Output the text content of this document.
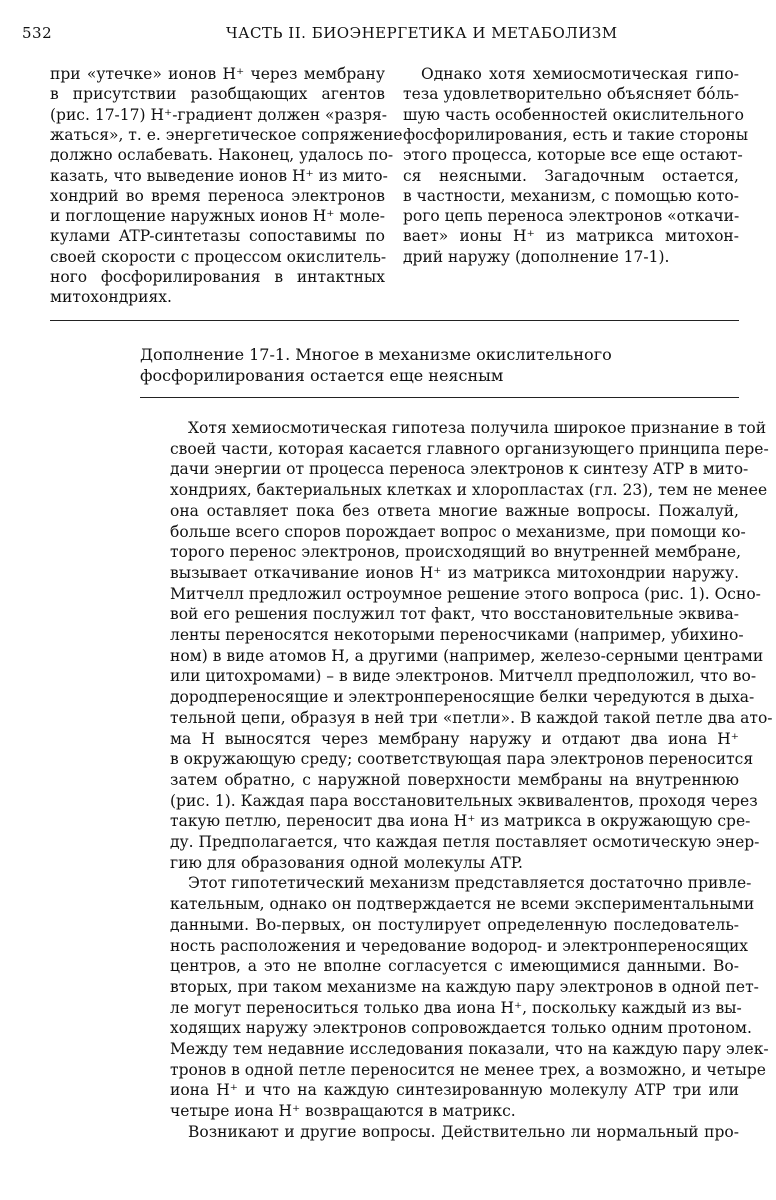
532	ЧАСТЬ II. БИОЭНЕРГЕТИКА И МЕТАБОЛИЗМ
при «утечке» ионов H⁺ через мембрану
в присутствии разобщающих агентов
(рис. 17-17) H⁺-градиент должен «разря-
жаться», т. е. энергетическое сопряжение
должно ослабевать. Наконец, удалось по-
казать, что выведение ионов H⁺ из мито-
хондрий во время переноса электронов
и поглощение наружных ионов H⁺ моле-
кулами ATP-синтетазы сопоставимы по
своей скорости с процессом окислитель-
ного фосфорилирования в интактных
митохондриях.
Однако хотя хемиосмотическая гипо-
теза удовлетворительно объясняет бо́ль-
шую часть особенностей окислительного
фосфорилирования, есть и такие стороны
этого процесса, которые все еще остают-
ся неясными. Загадочным остается,
в частности, механизм, с помощью кото-
рого цепь переноса электронов «откачи-
вает» ионы H⁺ из матрикса митохон-
дрий наружу (дополнение 17-1).
Дополнение 17-1. Многое в механизме окислительного
фосфорилирования остается еще неясным
Хотя хемиосмотическая гипотеза получила широкое признание в той
своей части, которая касается главного организующего принципа пере-
дачи энергии от процесса переноса электронов к синтезу ATP в мито-
хондриях, бактериальных клетках и хлоропластах (гл. 23), тем не менее
она оставляет пока без ответа многие важные вопросы. Пожалуй,
больше всего споров порождает вопрос о механизме, при помощи ко-
торого перенос электронов, происходящий во внутренней мембране,
вызывает откачивание ионов H⁺ из матрикса митохондрии наружу.
Митчелл предложил остроумное решение этого вопроса (рис. 1). Осно-
вой его решения послужил тот факт, что восстановительные эквива-
ленты переносятся некоторыми переносчиками (например, убихино-
ном) в виде атомов H, а другими (например, железо-серными центрами
или цитохромами) – в виде электронов. Митчелл предположил, что во-
дородпереносящие и электронпереносящие белки чередуются в дыха-
тельной цепи, образуя в ней три «петли». В каждой такой петле два ато-
ма H выносятся через мембрану наружу и отдают два иона H⁺
в окружающую среду; соответствующая пара электронов переносится
затем обратно, с наружной поверхности мембраны на внутреннюю
(рис. 1). Каждая пара восстановительных эквивалентов, проходя через
такую петлю, переносит два иона H⁺ из матрикса в окружающую сре-
ду. Предполагается, что каждая петля поставляет осмотическую энер-
гию для образования одной молекулы ATP.
Этот гипотетический механизм представляется достаточно привле-
кательным, однако он подтверждается не всеми экспериментальными
данными. Во-первых, он постулирует определенную последователь-
ность расположения и чередование водород- и электронпереносящих
центров, а это не вполне согласуется с имеющимися данными. Во-
вторых, при таком механизме на каждую пару электронов в одной пет-
ле могут переноситься только два иона H⁺, поскольку каждый из вы-
ходящих наружу электронов сопровождается только одним протоном.
Между тем недавние исследования показали, что на каждую пару элек-
тронов в одной петле переносится не менее трех, а возможно, и четыре
иона H⁺ и что на каждую синтезированную молекулу ATP три или
четыре иона H⁺ возвращаются в матрикс.
Возникают и другие вопросы. Действительно ли нормальный про-
